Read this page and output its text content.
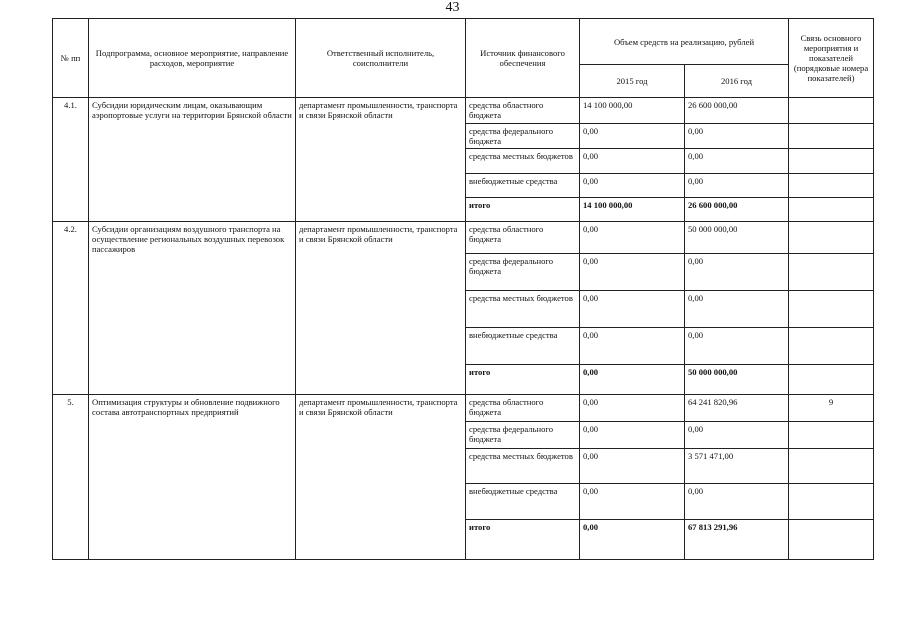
43
№ пп	Подпрограмма, основное мероприятие, направление расходов, мероприятие	Ответственный исполнитель, соисполнители	Источник финансового обеспечения	Объем средств на реализацию, рублей		Связь основного мероприятия и показателей (порядковые номера показателей)
				2015 год	2016 год	
4.1.	Субсидии юридическим лицам, оказывающим аэропортовые услуги на территории Брянской области	департамент промышленности, транспорта и связи Брянской области	средства областного бюджета	14 100 000,00	26 600 000,00	
			средства федерального бюджета	0,00	0,00	
			средства местных бюджетов	0,00	0,00	
			внебюджетные средства	0,00	0,00	
			итого	14 100 000,00	26 600 000,00	
4.2.	Субсидии организациям воздушного транспорта на осуществление региональных воздушных перевозок пассажиров	департамент промышленности, транспорта и связи Брянской области	средства областного бюджета	0,00	50 000 000,00	
			средства федерального бюджета	0,00	0,00	
			средства местных бюджетов	0,00	0,00	
			внебюджетные средства	0,00	0,00	
			итого	0,00	50 000 000,00	
5.	Оптимизация структуры и обновление подвижного состава автотранспортных предприятий	департамент промышленности, транспорта и связи Брянской области	средства областного бюджета	0,00	64 241 820,96	9
			средства федерального бюджета	0,00	0,00	
			средства местных бюджетов	0,00	3 571 471,00	
			внебюджетные средства	0,00	0,00	
			итого	0,00	67 813 291,96	
